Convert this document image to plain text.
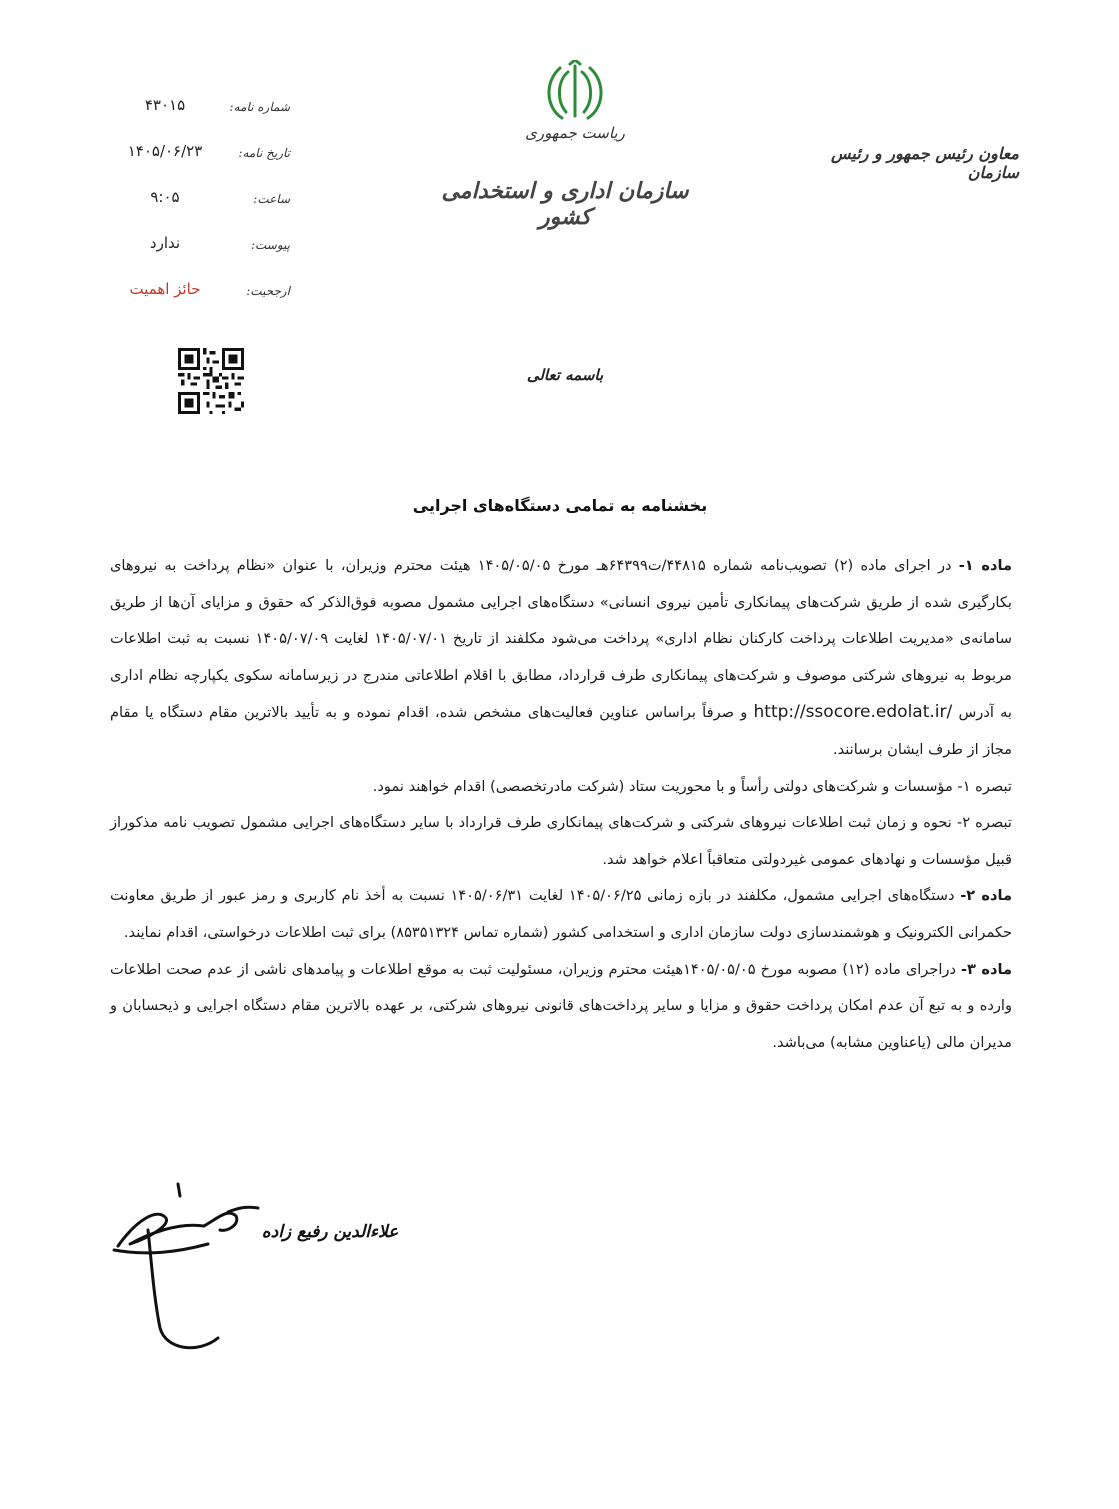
شماره نامه:
۴۳۰۱۵
تاریخ نامه:
۱۴۰۵/۰۶/۲۳
ساعت:
۹:۰۵
پیوست:
ندارد
ارجحیت:
حائز اهمیت
ریاست جمهوری
سازمان اداری و استخدامی کشور
معاون رئیس جمهور و رئیس سازمان
باسمه تعالی
بخشنامه به تمامی دستگاه‌های اجرایی

ماده ۱- در اجرای ماده (۲) تصویب‌نامه شماره ۴۴۸۱۵/ت۶۴۳۹۹هـ مورخ ۱۴۰۵/۰۵/۰۵ هیئت محترم وزیران، با عنوان «نظام پرداخت به نیروهای بکارگیری شده از طریق شرکت‌های پیمانکاری تأمین نیروی انسانی» دستگاه‌های اجرایی مشمول مصوبه فوق‌الذکر که حقوق و مزایای آن‌ها از طریق سامانه‌ی «مدیریت اطلاعات پرداخت کارکنان نظام اداری» پرداخت می‌شود مکلفند از تاریخ ۱۴۰۵/۰۷/۰۱ لغایت ۱۴۰۵/۰۷/۰۹ نسبت به ثبت اطلاعات مربوط به نیروهای شرکتی موصوف و شرکت‌های پیمانکاری طرف قرارداد، مطابق با اقلام اطلاعاتی مندرج در زیرسامانه سکوی یکپارچه نظام اداری به آدرس http://ssocore.edolat.ir/ و صرفاً براساس عناوین فعالیت‌های مشخص شده، اقدام نموده و به تأیید بالاترین مقام دستگاه یا مقام مجاز از طرف ایشان برسانند.

تبصره ۱- مؤسسات و شرکت‌های دولتی رأساً و با محوریت ستاد (شرکت مادرتخصصی) اقدام خواهند نمود.

تبصره ۲- نحوه و زمان ثبت اطلاعات نیروهای شرکتی و شرکت‌های پیمانکاری طرف قرارداد با سایر دستگاه‌های اجرایی مشمول تصویب نامه مذکوراز قبیل مؤسسات و نهادهای عمومی غیردولتی متعاقباً اعلام خواهد شد.

ماده ۲- دستگاه‌های اجرایی مشمول، مکلفند در بازه زمانی ۱۴۰۵/۰۶/۲۵ لغایت ۱۴۰۵/۰۶/۳۱ نسبت به أخذ نام کاربری و رمز عبور از طریق معاونت حکمرانی الکترونیک و هوشمندسازی دولت سازمان اداری و استخدامی کشور (شماره تماس ۸۵۳۵۱۳۲۴) برای ثبت اطلاعات درخواستی، اقدام نمایند.

ماده ۳- دراجرای ماده (۱۲) مصوبه مورخ ۱۴۰۵/۰۵/۰۵هیئت محترم وزیران، مسئولیت ثبت به موقع اطلاعات و پیامدهای ناشی از عدم صحت اطلاعات وارده و به تبع آن عدم امکان پرداخت حقوق و مزایا و سایر پرداخت‌های قانونی نیروهای شرکتی، بر عهده بالاترین مقام دستگاه اجرایی و ذیحسابان و مدیران مالی (یاعناوین مشابه) می‌باشد.

علاءالدین رفیع زاده
